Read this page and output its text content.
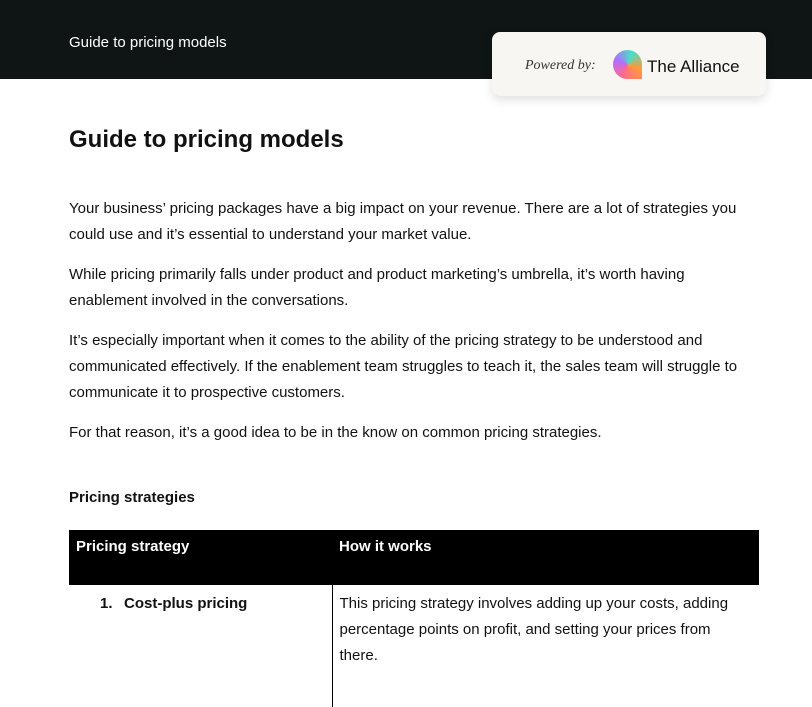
Guide to pricing models
Powered by:	The Alliance
Guide to pricing models

Your business’ pricing packages have a big impact on your revenue. There are a lot of strategies you could use and it’s essential to understand your market value.

While pricing primarily falls under product and product marketing’s umbrella, it’s worth having enablement involved in the conversations.

It’s especially important when it comes to the ability of the pricing strategy to be understood and communicated effectively. If the enablement team struggles to teach it, the sales team will struggle to communicate it to prospective customers.

For that reason, it’s a good idea to be in the know on common pricing strategies.

Pricing strategies
Pricing strategy	How it works
1. Cost-plus pricing	This pricing strategy involves adding up your costs, adding percentage points on profit, and setting your prices from there.
